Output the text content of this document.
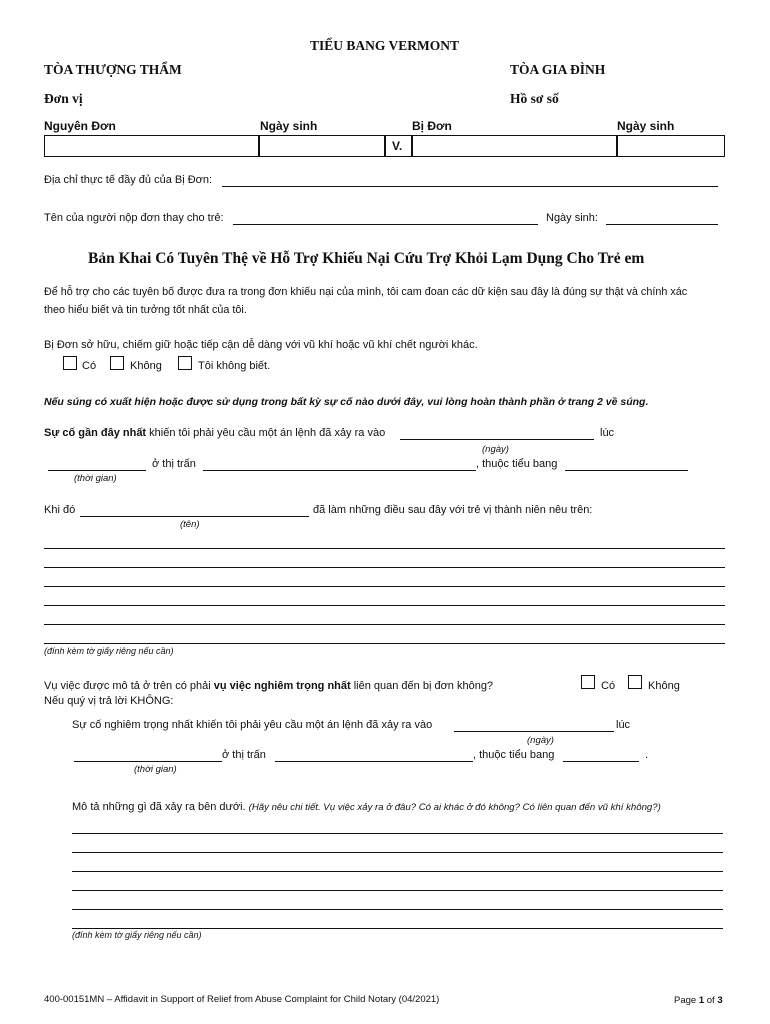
TIỂU BANG VERMONT
TÒA THƯỢNG THẨM	TÒA GIA ĐÌNH
Đơn vị	Hồ sơ số
Nguyên Đơn	Ngày sinh	Bị Đơn	Ngày sinh
V.
Địa chỉ thực tế đầy đủ của Bị Đơn:
Tên của người nộp đơn thay cho trẻ:	Ngày sinh:
Bản Khai Có Tuyên Thệ về Hỗ Trợ Khiếu Nại Cứu Trợ Khỏi Lạm Dụng Cho Trẻ em
Để hỗ trợ cho các tuyên bố được đưa ra trong đơn khiếu nại của mình, tôi cam đoan các dữ kiện sau đây là đúng sự thật và chính xác
theo hiểu biết và tin tưởng tốt nhất của tôi.
Bị Đơn sở hữu, chiếm giữ hoặc tiếp cận dễ dàng với vũ khí hoặc vũ khí chết người khác.
Có	Không	Tôi không biết.
Nếu súng có xuất hiện hoặc được sử dụng trong bất kỳ sự cố nào dưới đây, vui lòng hoàn thành phần ở trang 2 về súng.
Sự cố gần đây nhất khiến tôi phải yêu cầu một án lệnh đã xảy ra vào	lúc
(ngày)
ở thị trấn	, thuộc tiểu bang
(thời gian)
Khi đó	đã làm những điều sau đây với trẻ vị thành niên nêu trên:
(tên)
(đính kèm tờ giấy riêng nếu cần)
Vụ việc được mô tả ở trên có phải vụ việc nghiêm trọng nhất liên quan đến bị đơn không?
Nếu quý vị trả lời KHÔNG:
Có	Không
Sự cố nghiêm trọng nhất khiến tôi phải yêu cầu một án lệnh đã xảy ra vào	lúc
(ngày)
ở thị trấn	, thuộc tiểu bang	.
(thời gian)
Mô tả những gì đã xảy ra bên dưới. (Hãy nêu chi tiết. Vụ việc xảy ra ở đâu? Có ai khác ở đó không? Có liên quan đến vũ khí không?)
(đính kèm tờ giấy riêng nếu cần)
400-00151MN – Affidavit in Support of Relief from Abuse Complaint for Child Notary (04/2021)	Page 1 of 3
